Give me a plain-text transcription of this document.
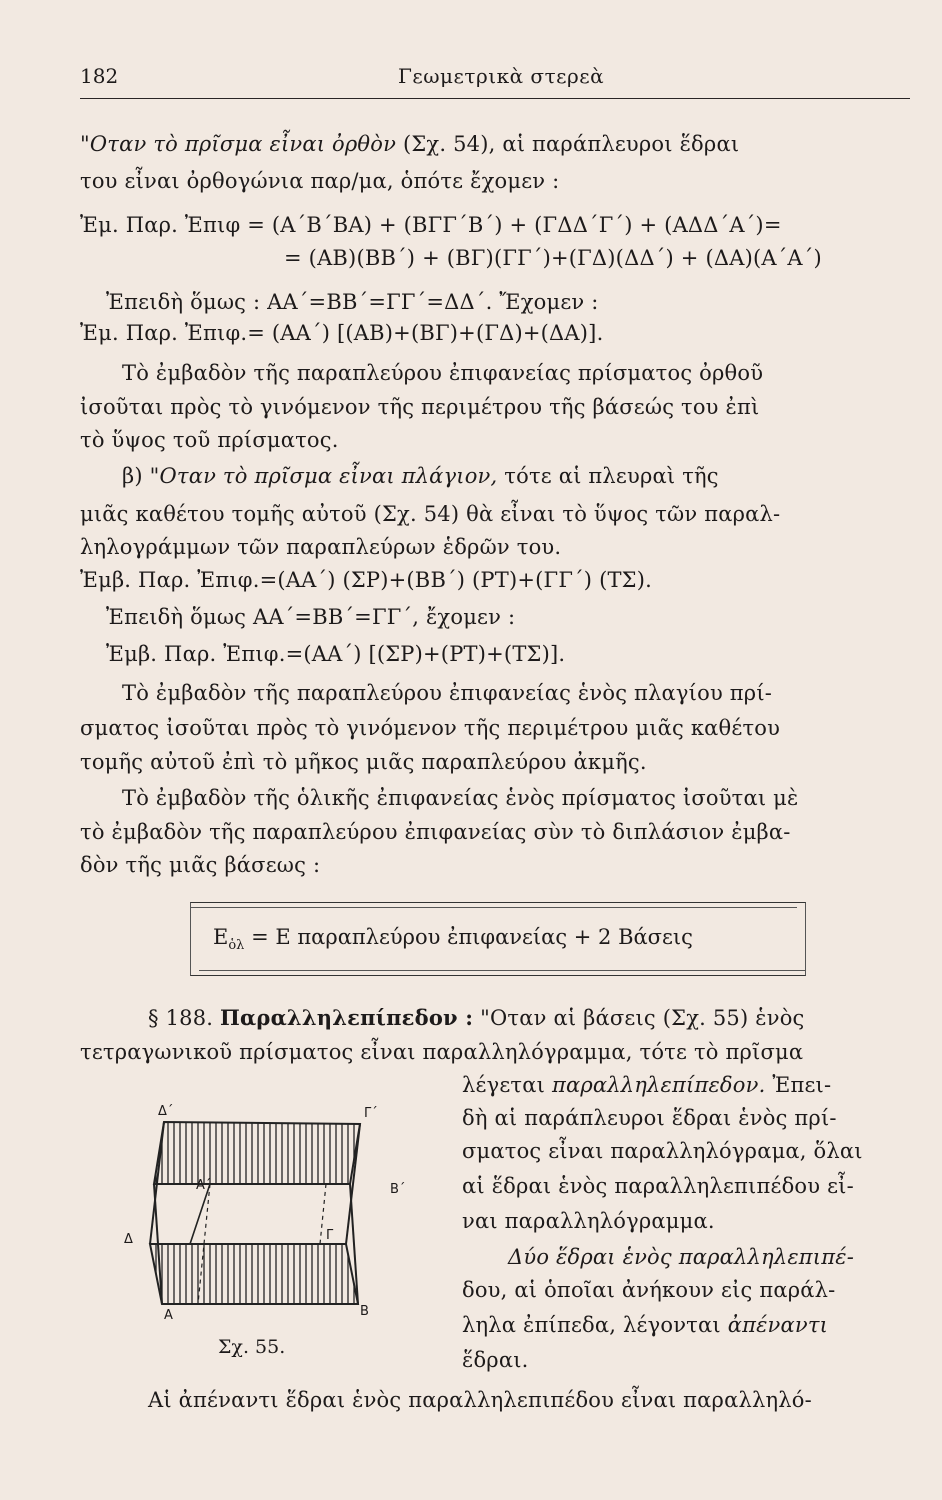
182	Γεωμετρικὰ στερεὰ
"Οταν τὸ πρῖσμα εἶναι ὀρθὸν (Σχ. 54), αἱ παράπλευροι ἕδραι
του εἶναι ὀρθογώνια παρ/μα, ὁπότε ἔχομεν :
Ἐμ. Παρ. Ἐπιφ = (Α΄Β΄ΒΑ) + (ΒΓΓ΄Β΄) + (ΓΔΔ΄Γ΄) + (ΑΔΔ΄Α΄)=
= (ΑΒ)(ΒΒ΄) + (ΒΓ)(ΓΓ΄)+(ΓΔ)(ΔΔ΄) + (ΔΑ)(Α΄Α΄)
Ἐπειδὴ ὅμως : ΑΑ΄=ΒΒ΄=ΓΓ΄=ΔΔ΄. Ἔχομεν :
Ἐμ. Παρ. Ἐπιφ.= (ΑΑ΄) [(ΑΒ)+(ΒΓ)+(ΓΔ)+(ΔΑ)].
Τὸ ἐμβαδὸν τῆς παραπλεύρου ἐπιφανείας πρίσματος ὀρθοῦ
ἰσοῦται πρὸς τὸ γινόμενον τῆς περιμέτρου τῆς βάσεώς του ἐπὶ
τὸ ὕψος τοῦ πρίσματος.
β) "Οταν τὸ πρῖσμα εἶναι πλάγιον, τότε αἱ πλευραὶ τῆς
μιᾶς καθέτου τομῆς αὐτοῦ (Σχ. 54) θὰ εἶναι τὸ ὕψος τῶν παραλ-
ληλογράμμων τῶν παραπλεύρων ἑδρῶν του.
Ἐμβ. Παρ. Ἐπιφ.=(ΑΑ΄) (ΣΡ)+(ΒΒ΄) (ΡΤ)+(ΓΓ΄) (ΤΣ).
Ἐπειδὴ ὅμως ΑΑ΄=ΒΒ΄=ΓΓ΄, ἔχομεν :
Ἐμβ. Παρ. Ἐπιφ.=(ΑΑ΄) [(ΣΡ)+(ΡΤ)+(ΤΣ)].
Τὸ ἐμβαδὸν τῆς παραπλεύρου ἐπιφανείας ἑνὸς πλαγίου πρί-
σματος ἰσοῦται πρὸς τὸ γινόμενον τῆς περιμέτρου μιᾶς καθέτου
τομῆς αὐτοῦ ἐπὶ τὸ μῆκος μιᾶς παραπλεύρου ἀκμῆς.
Τὸ ἐμβαδὸν τῆς ὁλικῆς ἐπιφανείας ἑνὸς πρίσματος ἰσοῦται μὲ
τὸ ἐμβαδὸν τῆς παραπλεύρου ἐπιφανείας σὺν τὸ διπλάσιον ἐμβα-
δὸν τῆς μιᾶς βάσεως :
$E_{ὁ\lambda} = E$ παραπλεύρου ἐπιφανείας + 2 Βάσεις
§ 188. Παραλληλεπίπεδον : "Οταν αἱ βάσεις (Σχ. 55) ἑνὸς
τετραγωνικοῦ πρίσματος εἶναι παραλληλόγραμμα, τότε τὸ πρῖσμα
λέγεται παραλληλεπίπεδον. Ἐπει-
δὴ αἱ παράπλευροι ἕδραι ἑνὸς πρί-
σματος εἶναι παραλληλόγραμα, ὅλαι
αἱ ἕδραι ἑνὸς παραλληλεπιπέδου εἶ-
ναι παραλληλόγραμμα.
Δύο ἕδραι ἑνὸς παραλληλεπιπέ-
δου, αἱ ὁποῖαι ἀνήκουν εἰς παράλ-
ληλα ἐπίπεδα, λέγονται ἀπέναντι
ἕδραι.
Αἱ ἀπέναντι ἕδραι ἑνὸς παραλληλεπιπέδου εἶναι παραλληλό-
Δ΄	Γ΄
Α΄	Β΄
Δ	Γ
Α	Β
Σχ. 55.
